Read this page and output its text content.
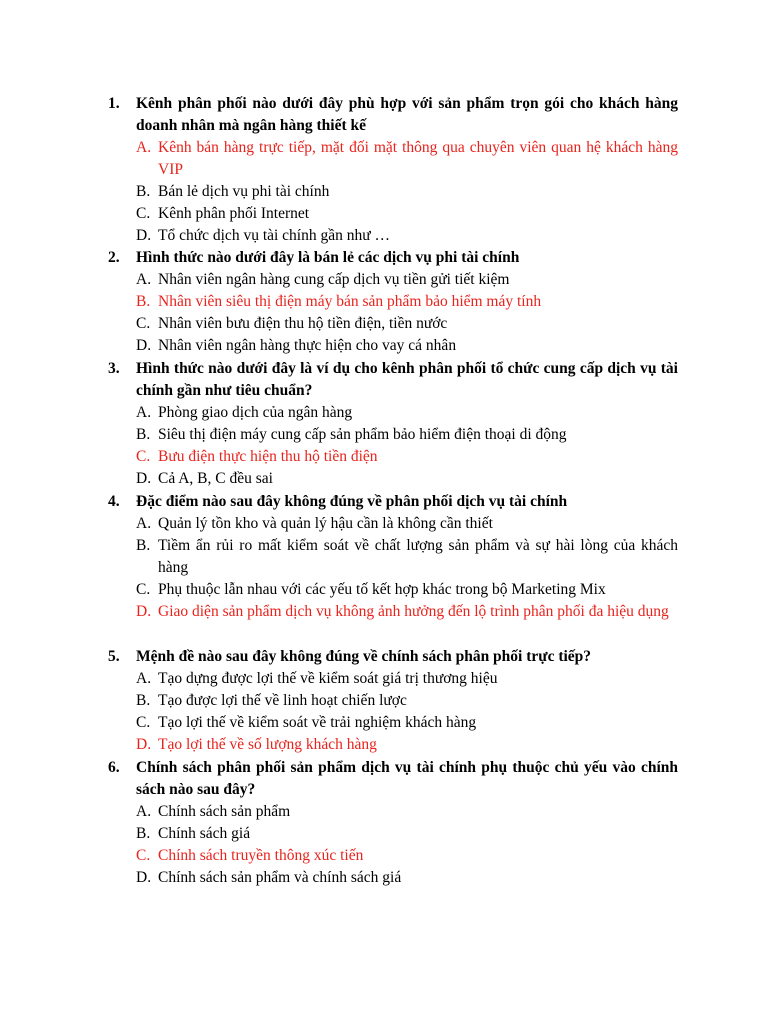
1. Kênh phân phối nào dưới đây phù hợp với sản phẩm trọn gói cho khách hàng doanh nhân mà ngân hàng thiết kế
A. Kênh bán hàng trực tiếp, mặt đối mặt thông qua chuyên viên quan hệ khách hàng VIP
B. Bán lẻ dịch vụ phi tài chính
C. Kênh phân phối Internet
D. Tổ chức dịch vụ tài chính gần như …
2. Hình thức nào dưới đây là bán lẻ các dịch vụ phi tài chính
A. Nhân viên ngân hàng cung cấp dịch vụ tiền gửi tiết kiệm
B. Nhân viên siêu thị điện máy bán sản phẩm bảo hiểm máy tính
C. Nhân viên bưu điện thu hộ tiền điện, tiền nước
D. Nhân viên ngân hàng thực hiện cho vay cá nhân
3. Hình thức nào dưới đây là ví dụ cho kênh phân phối tổ chức cung cấp dịch vụ tài chính gần như tiêu chuẩn?
A. Phòng giao dịch của ngân hàng
B. Siêu thị điện máy cung cấp sản phẩm bảo hiểm điện thoại di động
C. Bưu điện thực hiện thu hộ tiền điện
D. Cả A, B, C đều sai
4. Đặc điểm nào sau đây không đúng về phân phối dịch vụ tài chính
A. Quản lý tồn kho và quản lý hậu cần là không cần thiết
B. Tiềm ẩn rủi ro mất kiểm soát về chất lượng sản phẩm và sự hài lòng của khách hàng
C. Phụ thuộc lẫn nhau với các yếu tố kết hợp khác trong bộ Marketing Mix
D. Giao diện sản phẩm dịch vụ không ảnh hưởng đến lộ trình phân phối đa hiệu dụng
5. Mệnh đề nào sau đây không đúng về chính sách phân phối trực tiếp?
A. Tạo dựng được lợi thế về kiểm soát giá trị thương hiệu
B. Tạo được lợi thế về linh hoạt chiến lược
C. Tạo lợi thế về kiểm soát về trải nghiệm khách hàng
D. Tạo lợi thế về số lượng khách hàng
6. Chính sách phân phối sản phẩm dịch vụ tài chính phụ thuộc chủ yếu vào chính sách nào sau đây?
A. Chính sách sản phẩm
B. Chính sách giá
C. Chính sách truyền thông xúc tiến
D. Chính sách sản phẩm và chính sách giá
